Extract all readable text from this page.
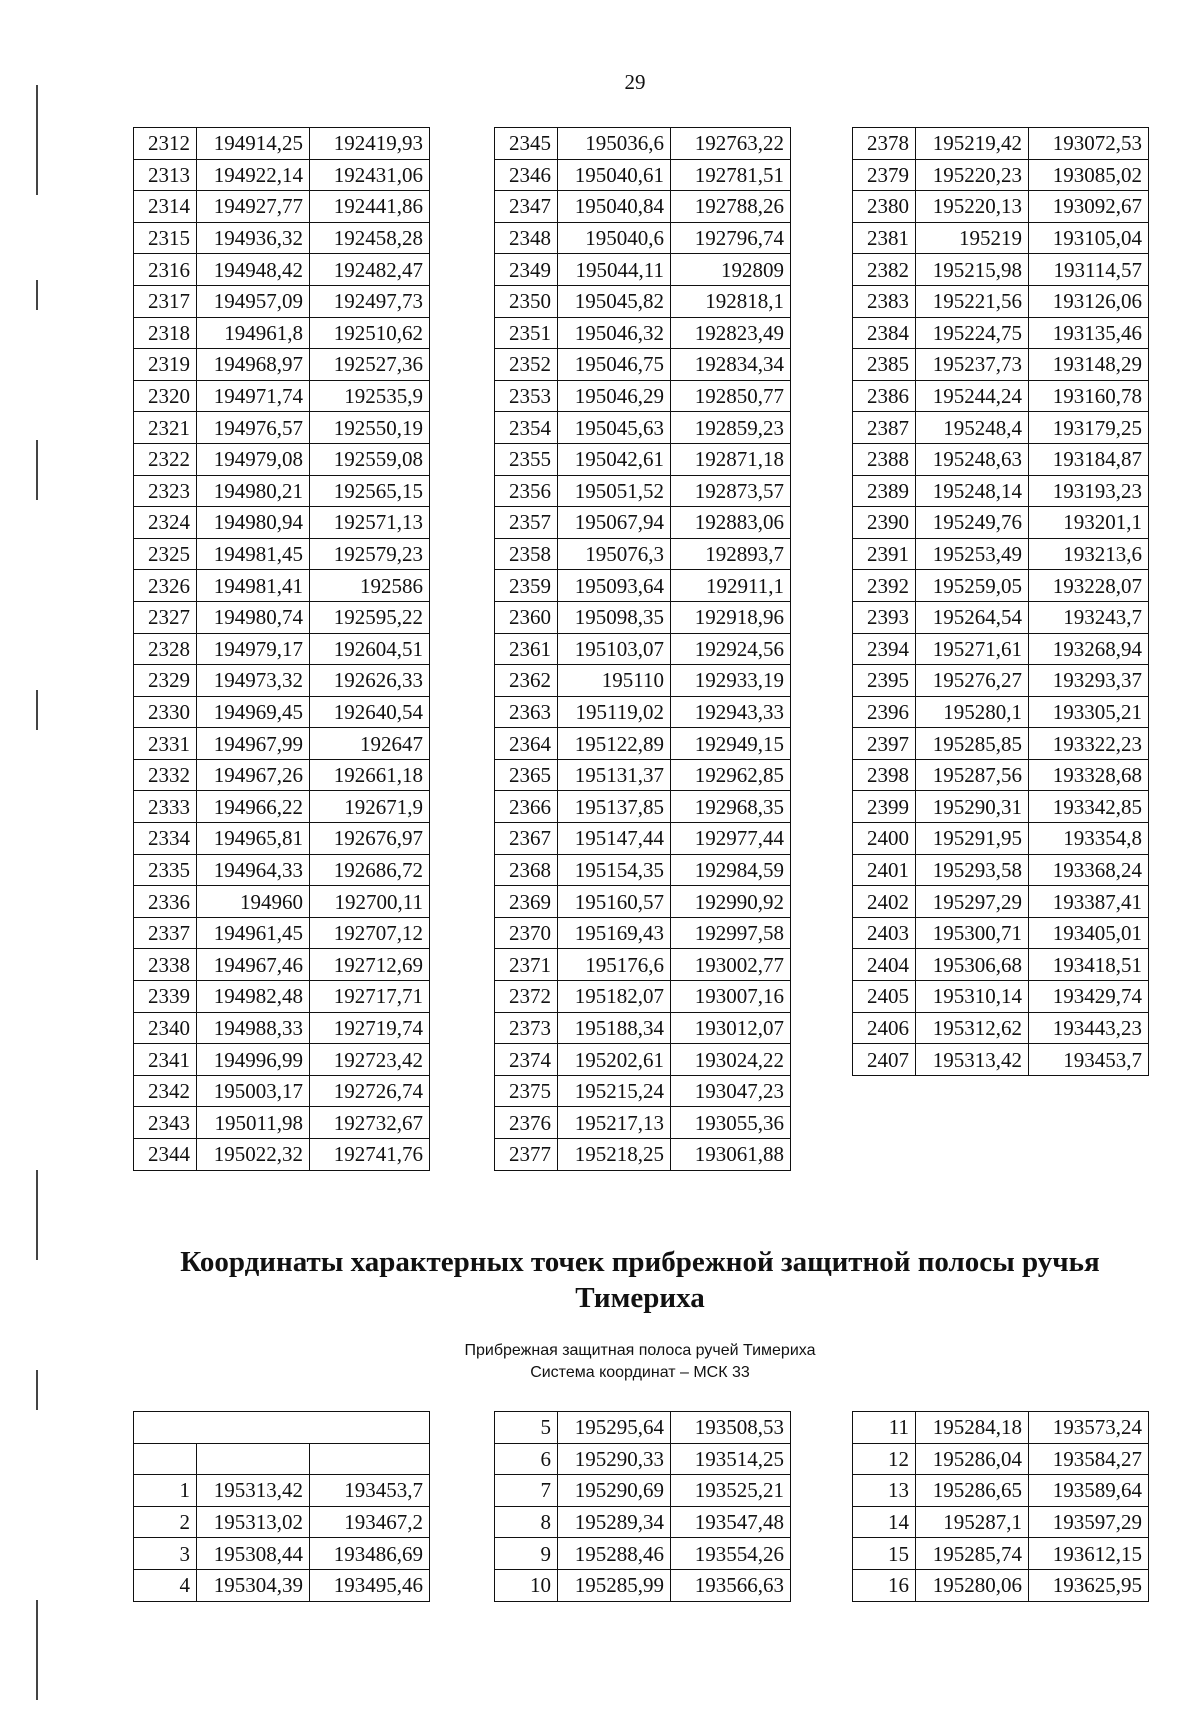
29
2312	194914,25	192419,93
2313	194922,14	192431,06
2314	194927,77	192441,86
2315	194936,32	192458,28
2316	194948,42	192482,47
2317	194957,09	192497,73
2318	194961,8	192510,62
2319	194968,97	192527,36
2320	194971,74	192535,9
2321	194976,57	192550,19
2322	194979,08	192559,08
2323	194980,21	192565,15
2324	194980,94	192571,13
2325	194981,45	192579,23
2326	194981,41	192586
2327	194980,74	192595,22
2328	194979,17	192604,51
2329	194973,32	192626,33
2330	194969,45	192640,54
2331	194967,99	192647
2332	194967,26	192661,18
2333	194966,22	192671,9
2334	194965,81	192676,97
2335	194964,33	192686,72
2336	194960	192700,11
2337	194961,45	192707,12
2338	194967,46	192712,69
2339	194982,48	192717,71
2340	194988,33	192719,74
2341	194996,99	192723,42
2342	195003,17	192726,74
2343	195011,98	192732,67
2344	195022,32	192741,76
2345	195036,6	192763,22
2346	195040,61	192781,51
2347	195040,84	192788,26
2348	195040,6	192796,74
2349	195044,11	192809
2350	195045,82	192818,1
2351	195046,32	192823,49
2352	195046,75	192834,34
2353	195046,29	192850,77
2354	195045,63	192859,23
2355	195042,61	192871,18
2356	195051,52	192873,57
2357	195067,94	192883,06
2358	195076,3	192893,7
2359	195093,64	192911,1
2360	195098,35	192918,96
2361	195103,07	192924,56
2362	195110	192933,19
2363	195119,02	192943,33
2364	195122,89	192949,15
2365	195131,37	192962,85
2366	195137,85	192968,35
2367	195147,44	192977,44
2368	195154,35	192984,59
2369	195160,57	192990,92
2370	195169,43	192997,58
2371	195176,6	193002,77
2372	195182,07	193007,16
2373	195188,34	193012,07
2374	195202,61	193024,22
2375	195215,24	193047,23
2376	195217,13	193055,36
2377	195218,25	193061,88
2378	195219,42	193072,53
2379	195220,23	193085,02
2380	195220,13	193092,67
2381	195219	193105,04
2382	195215,98	193114,57
2383	195221,56	193126,06
2384	195224,75	193135,46
2385	195237,73	193148,29
2386	195244,24	193160,78
2387	195248,4	193179,25
2388	195248,63	193184,87
2389	195248,14	193193,23
2390	195249,76	193201,1
2391	195253,49	193213,6
2392	195259,05	193228,07
2393	195264,54	193243,7
2394	195271,61	193268,94
2395	195276,27	193293,37
2396	195280,1	193305,21
2397	195285,85	193322,23
2398	195287,56	193328,68
2399	195290,31	193342,85
2400	195291,95	193354,8
2401	195293,58	193368,24
2402	195297,29	193387,41
2403	195300,71	193405,01
2404	195306,68	193418,51
2405	195310,14	193429,74
2406	195312,62	193443,23
2407	195313,42	193453,7
Координаты характерных точек прибрежной защитной полосы ручья Тимериха
Прибрежная защитная полоса ручей Тимериха
Система координат – МСК 33

1	195313,42	193453,7
2	195313,02	193467,2
3	195308,44	193486,69
4	195304,39	193495,46
5	195295,64	193508,53
6	195290,33	193514,25
7	195290,69	193525,21
8	195289,34	193547,48
9	195288,46	193554,26
10	195285,99	193566,63
11	195284,18	193573,24
12	195286,04	193584,27
13	195286,65	193589,64
14	195287,1	193597,29
15	195285,74	193612,15
16	195280,06	193625,95
